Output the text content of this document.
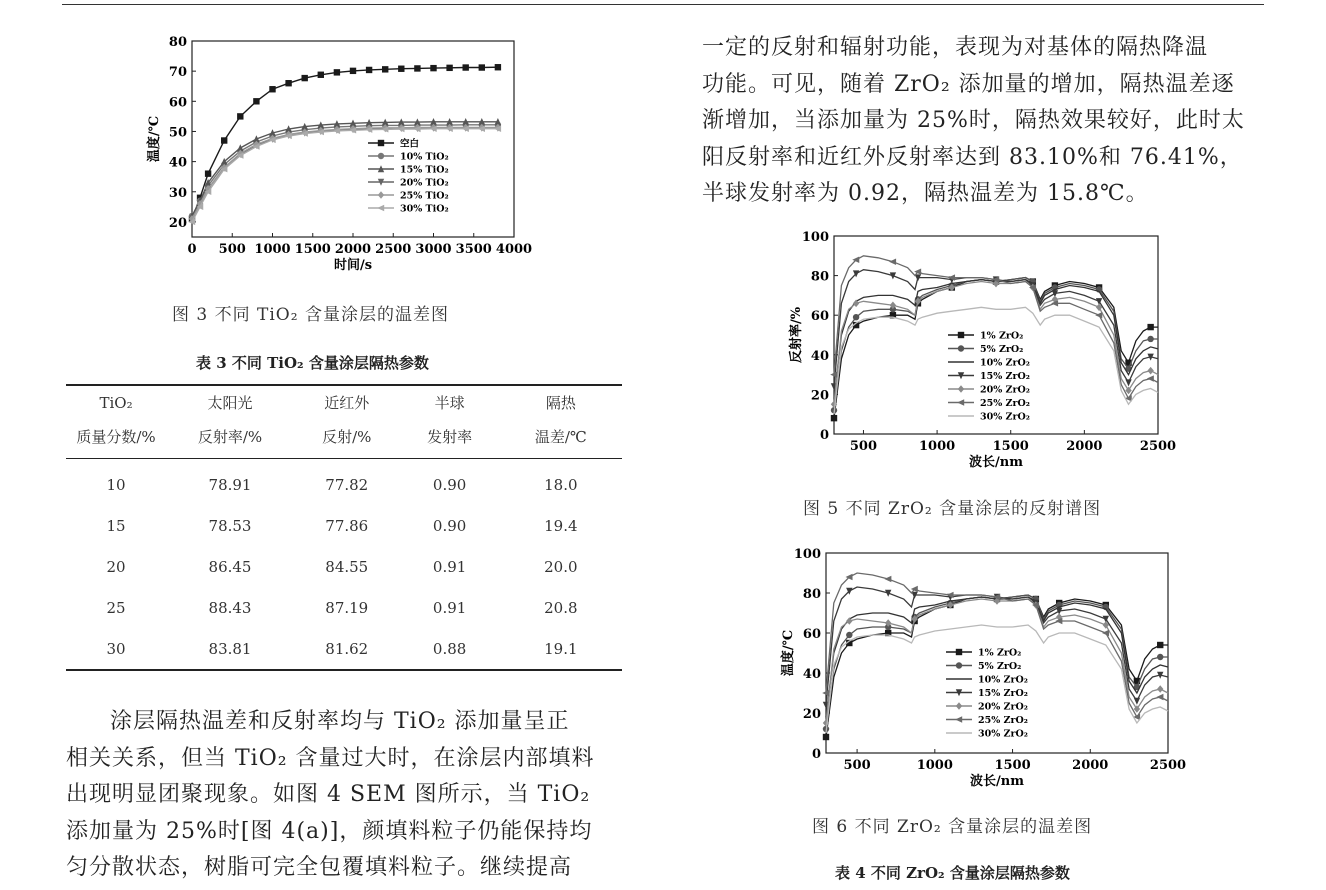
0 500 1000 1500 2000 2500 3000 3500 4000
20
30
40
50
60
70
80
时间/s
温度/℃	空白
10% TiO₂
15% TiO₂
20% TiO₂
25% TiO₂
30% TiO₂
图 3 不同 TiO₂ 含量涂层的温差图
表 3 不同 TiO₂ 含量涂层隔热参数
TiO₂	太阳光	近红外	半球	隔热
质量分数/%	反射率/%	反射/%	发射率	温差/℃
10	78.91	77.82	0.90	18.0
15	78.53	77.86	0.90	19.4
20	86.45	84.55	0.91	20.0
25	88.43	87.19	0.91	20.8
30	83.81	81.62	0.88	19.1

涂层隔热温差和反射率均与 TiO₂ 添加量呈正

相关关系，但当 TiO₂ 含量过大时，在涂层内部填料

出现明显团聚现象。如图 4 SEM 图所示，当 TiO₂

添加量为 25%时[图 4(a)]，颜填料粒子仍能保持均

匀分散状态，树脂可完全包覆填料粒子。继续提高

一定的反射和辐射功能，表现为对基体的隔热降温

功能。可见，随着 ZrO₂ 添加量的增加，隔热温差逐

渐增加，当添加量为 25%时，隔热效果较好，此时太

阳反射率和近红外反射率达到 83.10%和 76.41%，

半球发射率为 0.92，隔热温差为 15.8℃。

500	1000	1500	2000	2500
0
20
40
60
80
100
波长/nm
反射率/%	1% ZrO₂
5% ZrO₂
10% ZrO₂
15% ZrO₂
20% ZrO₂
25% ZrO₂
30% ZrO₂
图 5 不同 ZrO₂ 含量涂层的反射谱图
500	1000	1500	2000	2500
0
20
40
60
80
100
波长/nm
温度/℃	1% ZrO₂
5% ZrO₂
10% ZrO₂
15% ZrO₂
20% ZrO₂
25% ZrO₂
30% ZrO₂
图 6 不同 ZrO₂ 含量涂层的温差图
表 4 不同 ZrO₂ 含量涂层隔热参数
